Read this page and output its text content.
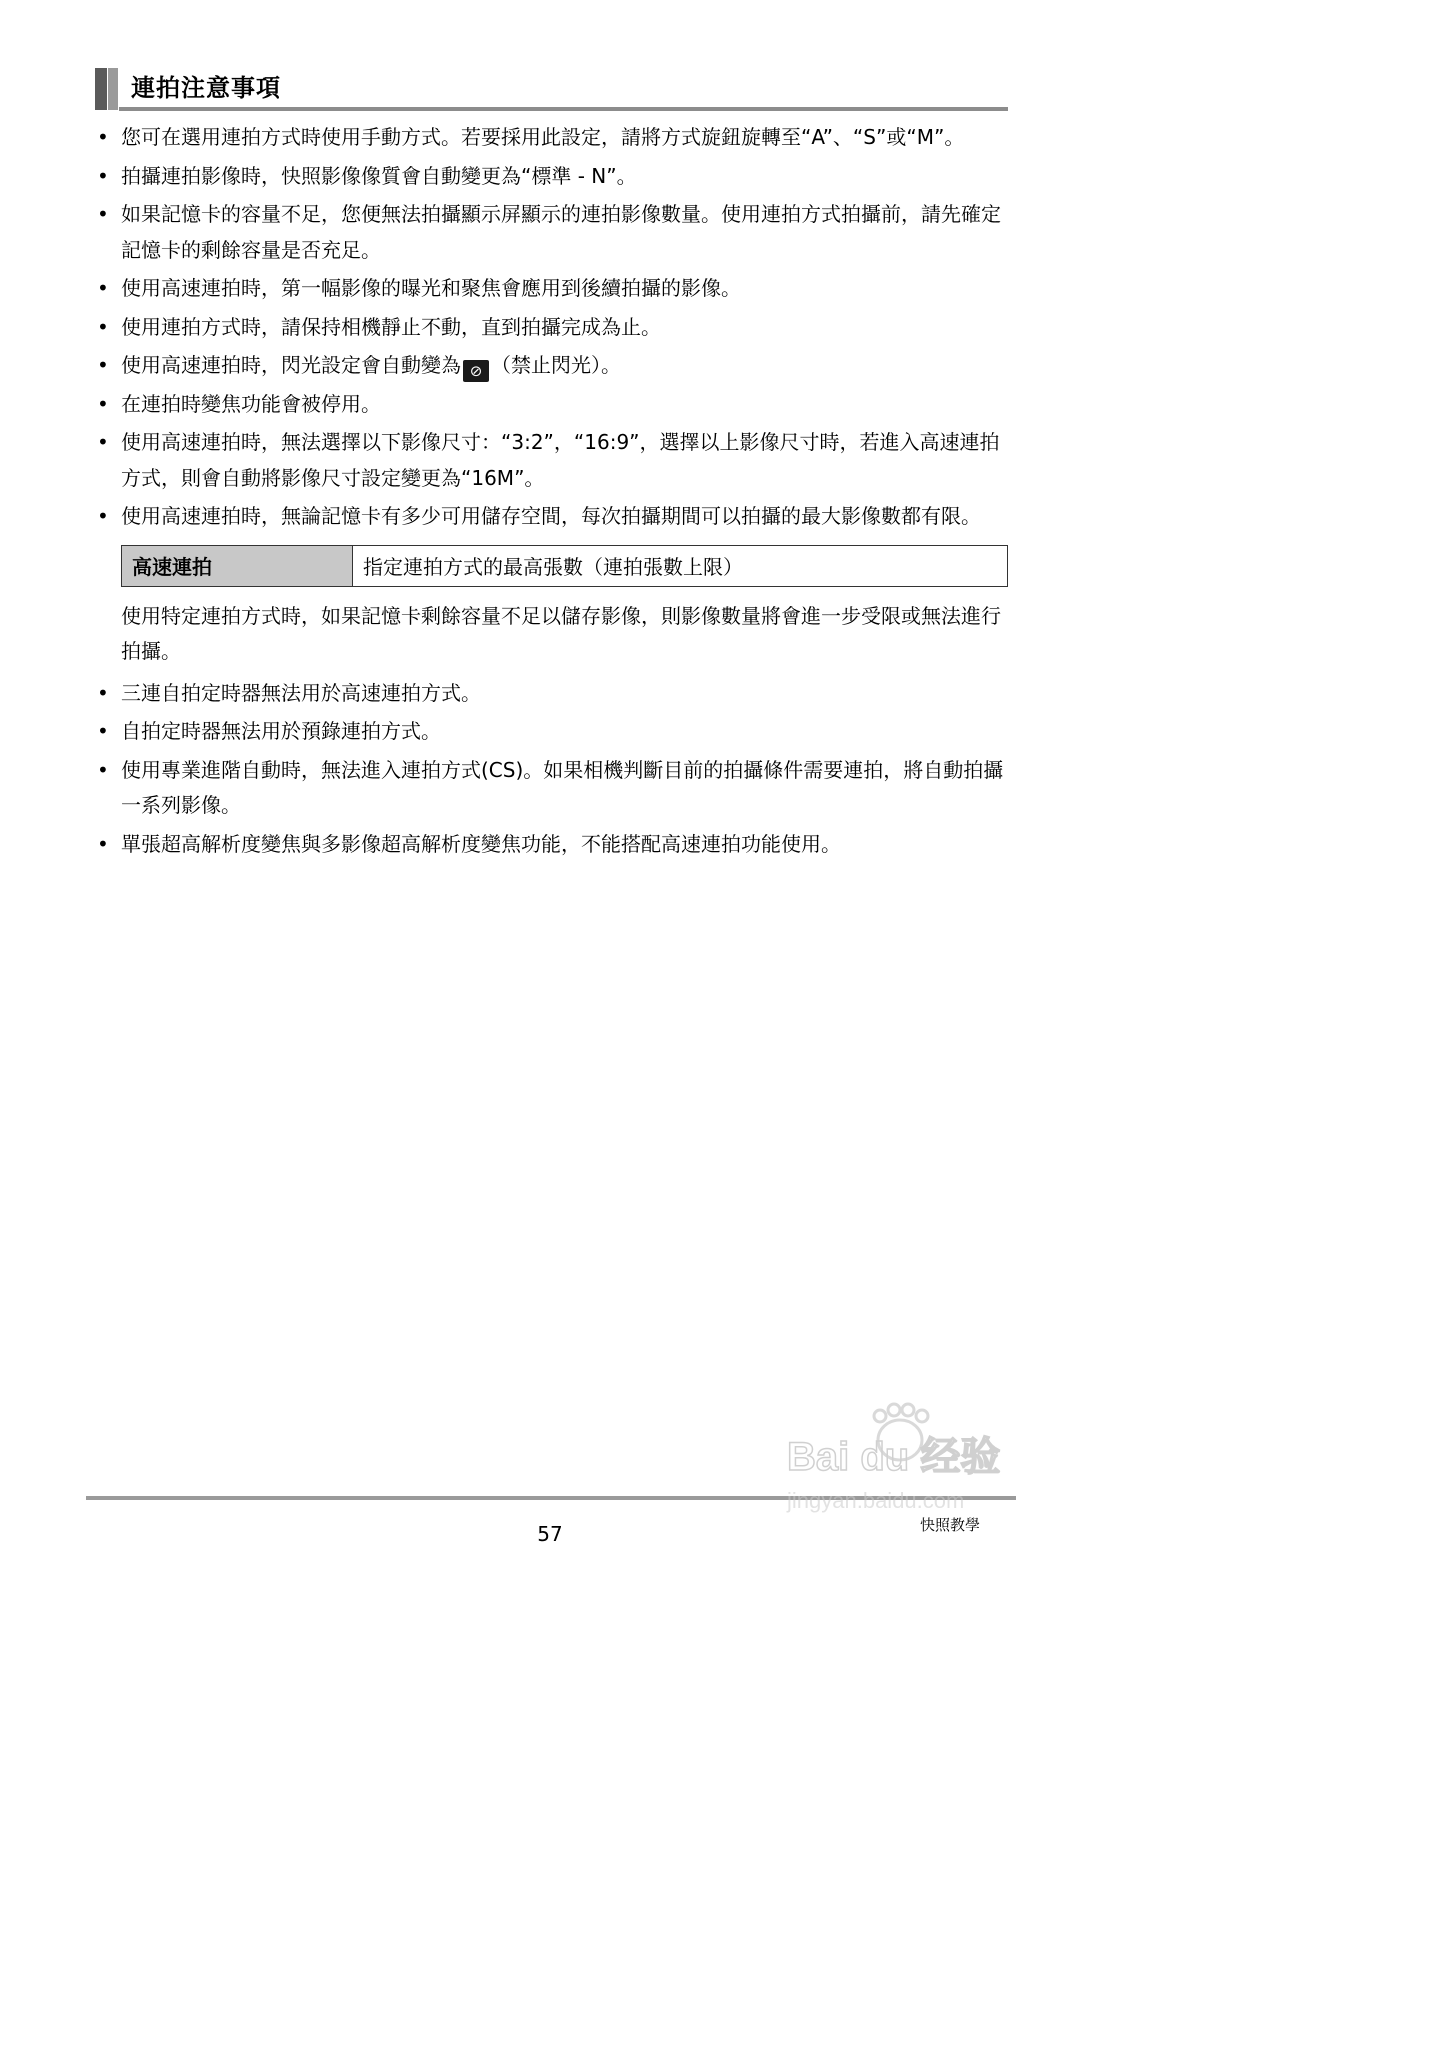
連拍注意事項
• 您可在選用連拍方式時使用手動方式。若要採用此設定，請將方式旋鈕旋轉至“A”、“S”或“M”。
• 拍攝連拍影像時，快照影像像質會自動變更為“標準 - N”。
• 如果記憶卡的容量不足，您便無法拍攝顯示屏顯示的連拍影像數量。使用連拍方式拍攝前，請先確定記憶卡的剩餘容量是否充足。
• 使用高速連拍時，第一幅影像的曝光和聚焦會應用到後續拍攝的影像。
• 使用連拍方式時，請保持相機靜止不動，直到拍攝完成為止。
• 使用高速連拍時，閃光設定會自動變為 ⊘ （禁止閃光）。
• 在連拍時變焦功能會被停用。
• 使用高速連拍時，無法選擇以下影像尺寸：“3:2”，“16:9”，選擇以上影像尺寸時，若進入高速連拍方式，則會自動將影像尺寸設定變更為“16M”。
• 使用高速連拍時，無論記憶卡有多少可用儲存空間，每次拍攝期間可以拍攝的最大影像數都有限。
高速連拍	指定連拍方式的最高張數（連拍張數上限）
使用特定連拍方式時，如果記憶卡剩餘容量不足以儲存影像，則影像數量將會進一步受限或無法進行拍攝。
• 三連自拍定時器無法用於高速連拍方式。
• 自拍定時器無法用於預錄連拍方式。
• 使用專業進階自動時，無法進入連拍方式(CS)。如果相機判斷目前的拍攝條件需要連拍，將自動拍攝一系列影像。
• 單張超高解析度變焦與多影像超高解析度變焦功能，不能搭配高速連拍功能使用。
57	快照教學
Bai du 经验
jingyan.baidu.com
